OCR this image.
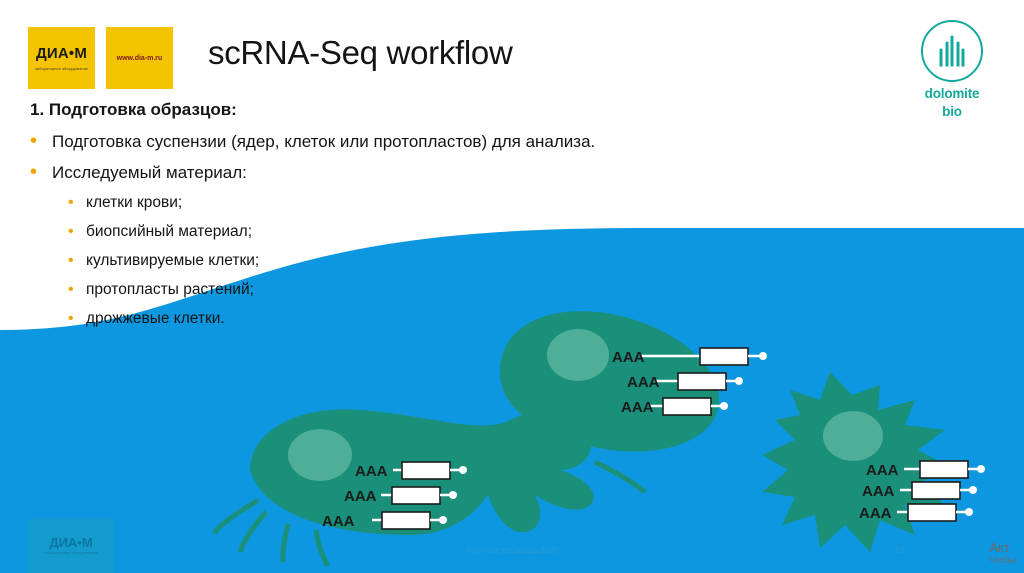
AAA
AAA
AAA
AAA
AAA
AAA
AAA
AAA
AAA
ДИА•М
лабораторное оборудование
www.dia-m.ru
dolomite
bio
scRNA-Seq workflow
1. Подготовка образцов:
• Подготовка суспензии (ядер, клеток или протопластов) для анализа.
• Исследуемый материал:
• клетки крови;
• биопсийный материал;
• культивируемые клетки;
• протопласты растений;
• дрожжевые клетки.
ДИА•М
лабораторное оборудование	Научные вебинары 2020	17	Акт
Чтобы
